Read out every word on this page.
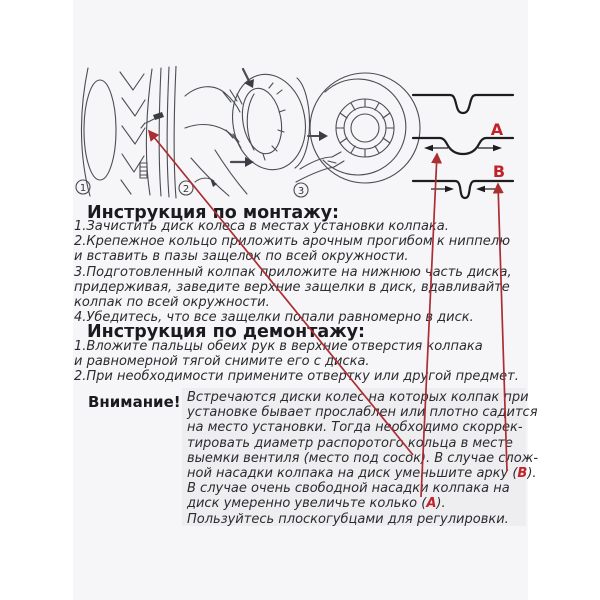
1	2	3
А
В
Инструкция по монтажу:
1.Зачистить диск колеса в местах установки колпака.
2.Крепежное кольцо приложить арочным прогибом к ниппелю
и вставить в пазы защелок по всей окружности.
3.Подготовленный колпак приложите на нижнюю часть диска,
придерживая, заведите верхние защелки в диск, вдавливайте
колпак по всей окружности.
4.Убедитесь, что все защелки попали равномерно в диск.
Инструкция по демонтажу:
1.Вложите пальцы обеих рук в верхние отверстия колпака
и равномерной тягой снимите его с диска.
2.При необходимости примените отвертку или другой предмет.
Внимание! Встречаются диски колес на которых колпак при
установке бывает прослаблен или плотно садится
на место установки. Тогда необходимо скоррек-
тировать диаметр распоротого кольца в месте
выемки вентиля (место под сосок). В случае слож-
ной насадки колпака на диск уменьшите арку (В).
В случае очень свободной насадки колпака на
диск умеренно увеличьте колько (А).
Пользуйтесь плоскогубцами для регулировки.
